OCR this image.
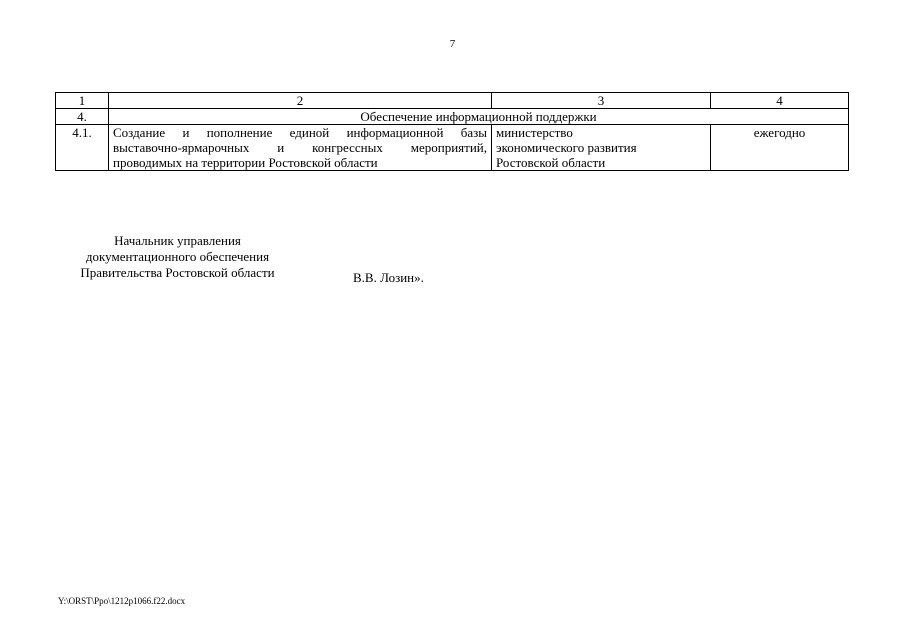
7
1	2	3	4
4.	Обеспечение информационной поддержки		
4.1.	Создание и пополнение единой информационной базы
выставочно-ярмарочных и конгрессных мероприятий,
проводимых на территории Ростовской области	министерство
экономического развития
Ростовской области	ежегодно
Начальник управления
документационного обеспечения
Правительства Ростовской области	В.В. Лозин».
Y:\ORST\Ppo\1212p1066.f22.docx
